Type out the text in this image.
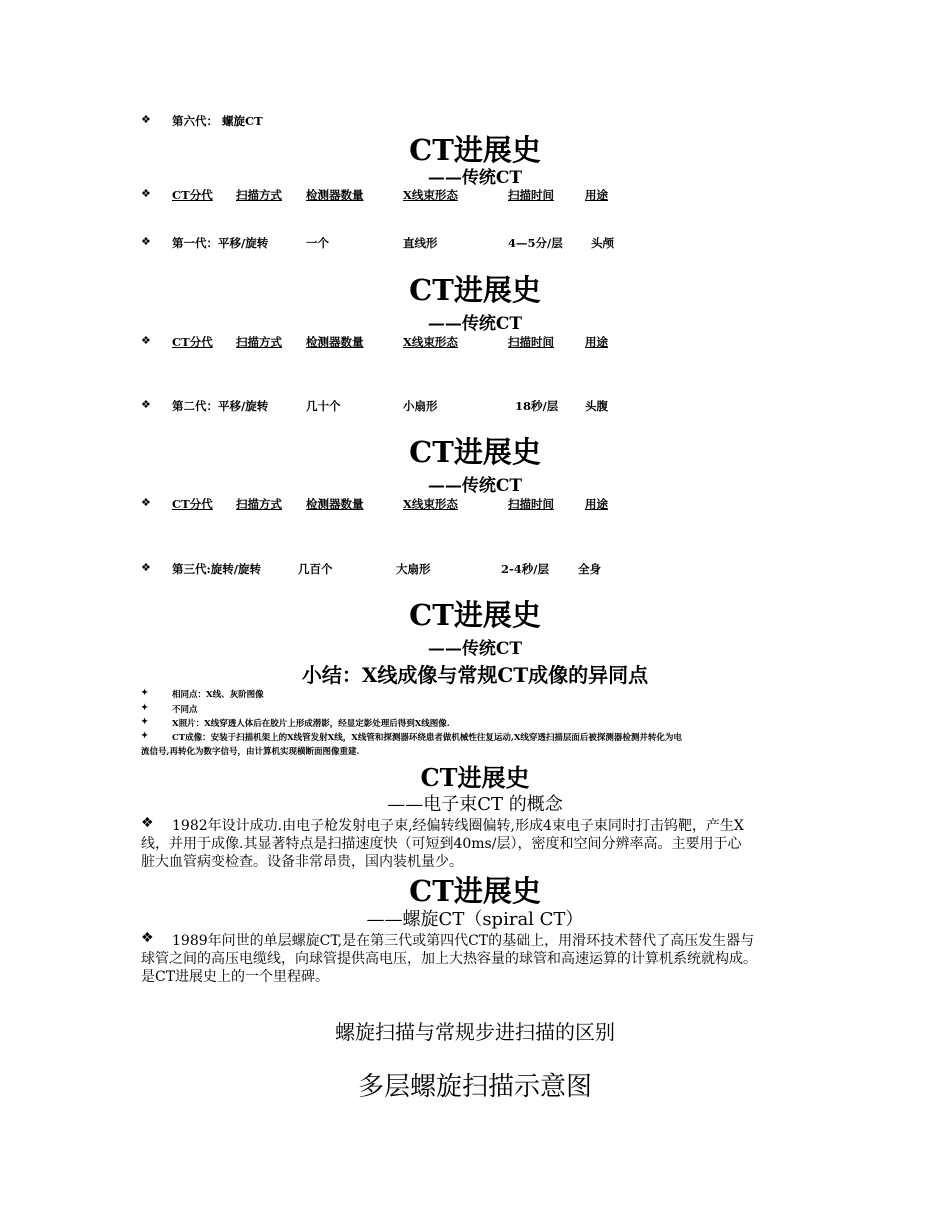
❖ 第六代： 螺旋CT
CT进展史
——传统CT
❖ CT分代 扫描方式 检测器数量	X线束形态	扫描时间	用途
❖ 第一代：平移/旋转	一个	直线形	4—5分/层 头颅
CT进展史
——传统CT
❖ CT分代 扫描方式 检测器数量	X线束形态	扫描时间	用途
❖ 第二代：平移/旋转	几十个	小扇形	18秒/层 头腹
CT进展史
——传统CT
❖ CT分代 扫描方式 检测器数量	X线束形态	扫描时间	用途
❖ 第三代:旋转/旋转	几百个	大扇形	2-4秒/层	全身
CT进展史
——传统CT
小结：X线成像与常规CT成像的异同点
✦	相同点：X线、灰阶图像
✦	不同点
✦	X照片：X线穿透人体后在胶片上形成潜影，经显定影处理后得到X线图像.
✦	CT成像：安装于扫描机架上的X线管发射X线，X线管和探测器环绕患者做机械性往复运动,X线穿透扫描层面后被探测器检测并转化为电
流信号,再转化为数字信号，由计算机实现横断面图像重建.
CT进展史
——电子束CT 的概念
❖ 1982年设计成功.由电子枪发射电子束,经偏转线圈偏转,形成4束电子束同时打击钨靶，产生X
线，并用于成像.其显著特点是扫描速度快（可短到40ms/层），密度和空间分辨率高。主要用于心
脏大血管病变检查。设备非常昂贵，国内装机量少。
CT进展史
——螺旋CT（spiral CT）
❖ 1989年问世的单层螺旋CT,是在第三代或第四代CT的基础上，用滑环技术替代了高压发生器与
球管之间的高压电缆线，向球管提供高电压，加上大热容量的球管和高速运算的计算机系统就构成。
是CT进展史上的一个里程碑。
螺旋扫描与常规步进扫描的区别
多层螺旋扫描示意图
